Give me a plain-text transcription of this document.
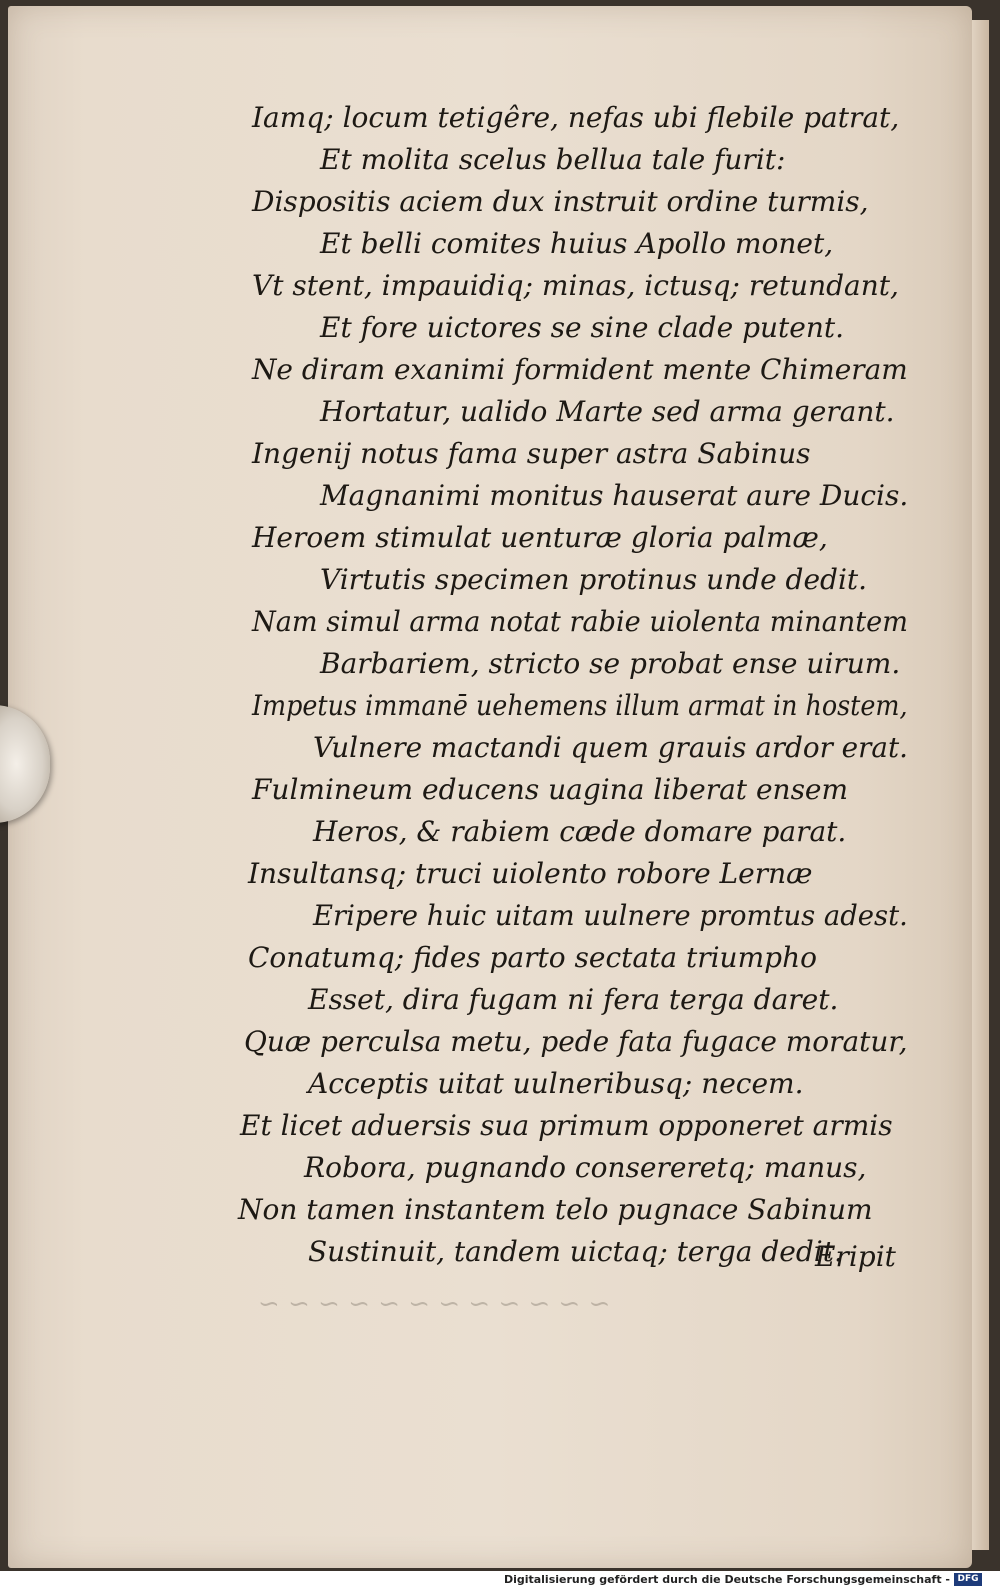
Iamq; locum tetigêre, nefas ubi flebile patrat,
Et molita scelus bellua tale furit:
Dispositis aciem dux instruit ordine turmis,
Et belli comites huius Apollo monet,
Vt stent, impauidiq; minas, ictusq; retundant,
Et fore uictores se sine clade putent.
Ne diram exanimi formident mente Chimeram
Hortatur, ualido Marte sed arma gerant.
Ingenij notus fama super astra Sabinus
Magnanimi monitus hauserat aure Ducis.
Heroem stimulat uenturæ gloria palmæ,
Virtutis specimen protinus unde dedit.
Nam simul arma notat rabie uiolenta minantem
Barbariem, stricto se probat ense uirum.
Impetus immanē uehemens illum armat in hostem,
Vulnere mactandi quem grauis ardor erat.
Fulmineum educens uagina liberat ensem
Heros, & rabiem cæde domare parat.
Insultansq; truci uiolento robore Lernæ
Eripere huic uitam uulnere promtus adest.
Conatumq; fides parto sectata triumpho
Esset, dira fugam ni fera terga daret.
Quæ perculsa metu, pede fata fugace moratur,
Acceptis uitat uulneribusq; necem.
Et licet aduersis sua primum opponeret armis
Robora, pugnando consereretq; manus,
Non tamen instantem telo pugnace Sabinum
Sustinuit, tandem uictaq; terga dedit.
Eripit
~ ~ ~ ~ ~ ~ ~ ~ ~ ~ ~ ~
Digitalisierung gefördert durch die Deutsche Forschungsgemeinschaft - DFG
